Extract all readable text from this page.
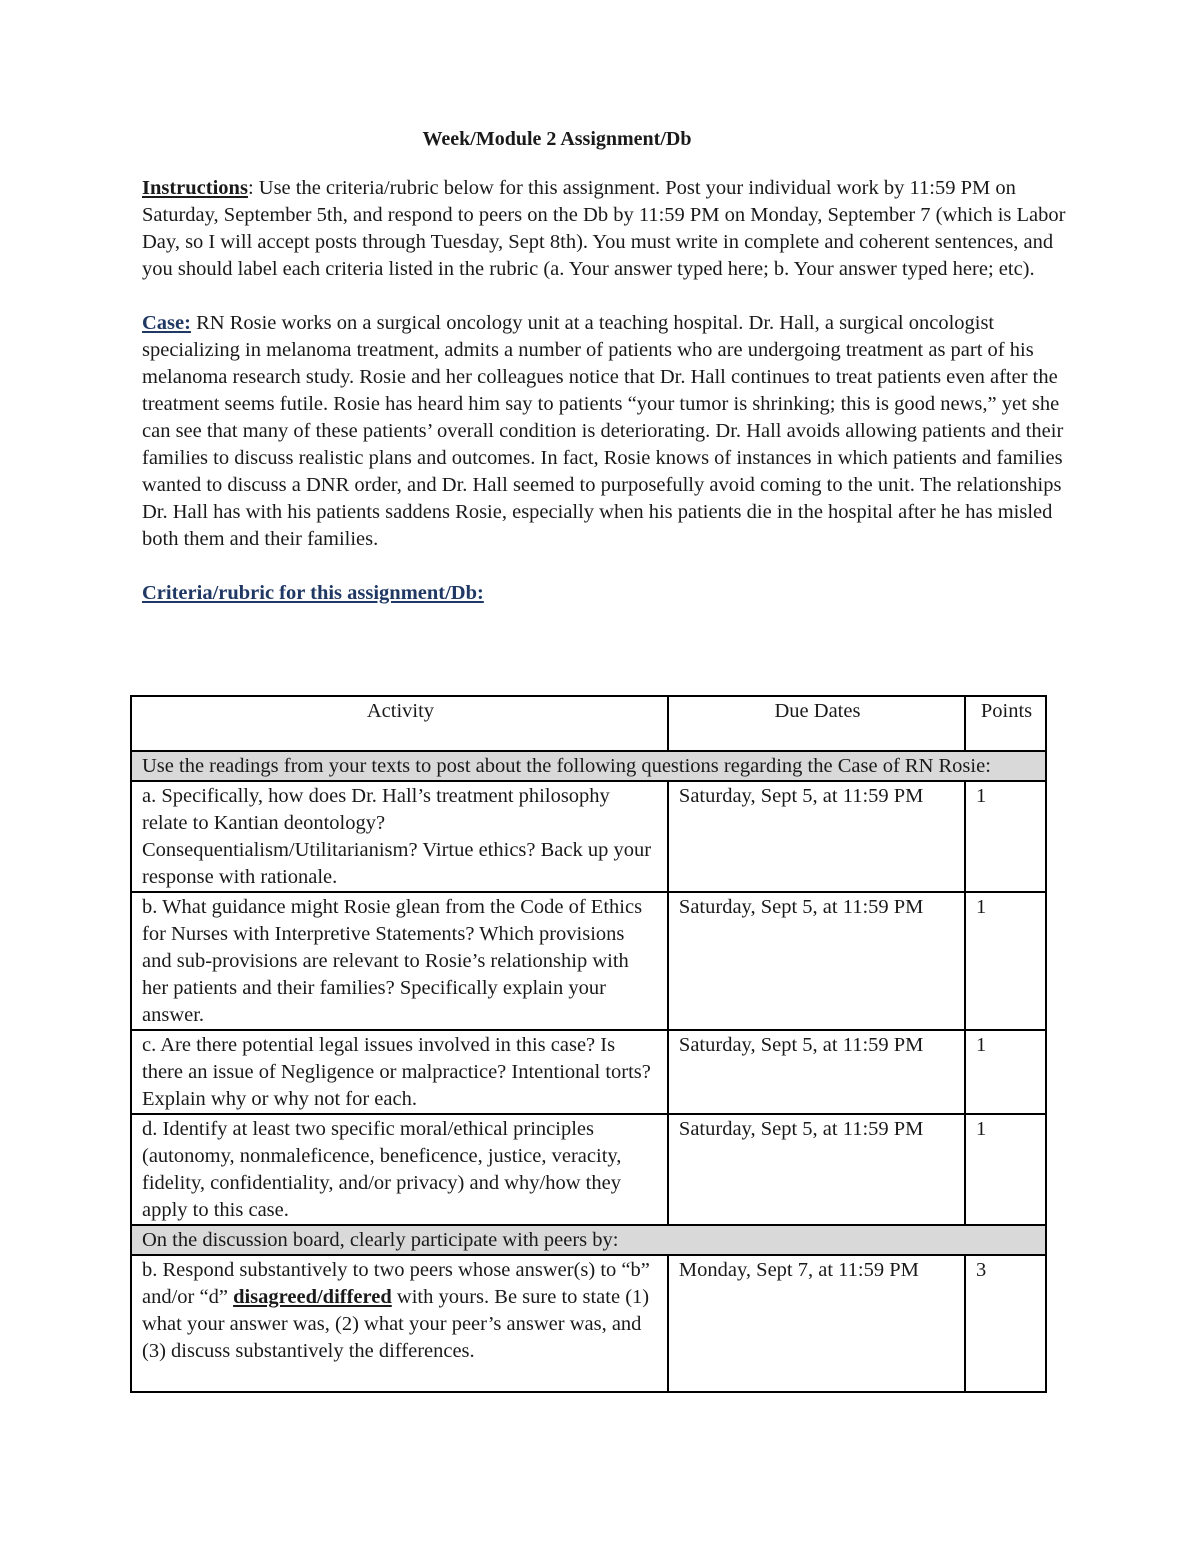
Week/Module 2 Assignment/Db

Instructions: Use the criteria/rubric below for this assignment. Post your individual work by 11:59 PM on Saturday, September 5th, and respond to peers on the Db by 11:59 PM on Monday, September 7 (which is Labor Day, so I will accept posts through Tuesday, Sept 8th). You must write in complete and coherent sentences, and you should label each criteria listed in the rubric (a. Your answer typed here; b. Your answer typed here; etc).

Case: RN Rosie works on a surgical oncology unit at a teaching hospital. Dr. Hall, a surgical oncologist specializing in melanoma treatment, admits a number of patients who are undergoing treatment as part of his melanoma research study. Rosie and her colleagues notice that Dr. Hall continues to treat patients even after the treatment seems futile. Rosie has heard him say to patients “your tumor is shrinking; this is good news,” yet she can see that many of these patients’ overall condition is deteriorating. Dr. Hall avoids allowing patients and their families to discuss realistic plans and outcomes. In fact, Rosie knows of instances in which patients and families wanted to discuss a DNR order, and Dr. Hall seemed to purposefully avoid coming to the unit. The relationships Dr. Hall has with his patients saddens Rosie, especially when his patients die in the hospital after he has misled both them and their families.

Criteria/rubric for this assignment/Db:
Activity	Due Dates	Points
Use the readings from your texts to post about the following questions regarding the Case of RN Rosie:		
a. Specifically, how does Dr. Hall’s treatment philosophy relate to Kantian deontology? Consequentialism/Utilitarianism? Virtue ethics? Back up your response with rationale.	Saturday, Sept 5, at 11:59 PM	1
b. What guidance might Rosie glean from the Code of Ethics for Nurses with Interpretive Statements? Which provisions and sub-provisions are relevant to Rosie’s relationship with her patients and their families? Specifically explain your answer.	Saturday, Sept 5, at 11:59 PM	1
c. Are there potential legal issues involved in this case? Is there an issue of Negligence or malpractice? Intentional torts? Explain why or why not for each.	Saturday, Sept 5, at 11:59 PM	1
d. Identify at least two specific moral/ethical principles (autonomy, nonmaleficence, beneficence, justice, veracity, fidelity, confidentiality, and/or privacy) and why/how they apply to this case.	Saturday, Sept 5, at 11:59 PM	1
On the discussion board, clearly participate with peers by:		
b. Respond substantively to two peers whose answer(s) to “b” and/or “d” disagreed/differed with yours. Be sure to state (1) what your answer was, (2) what your peer’s answer was, and (3) discuss substantively the differences.	Monday, Sept 7, at 11:59 PM	3
